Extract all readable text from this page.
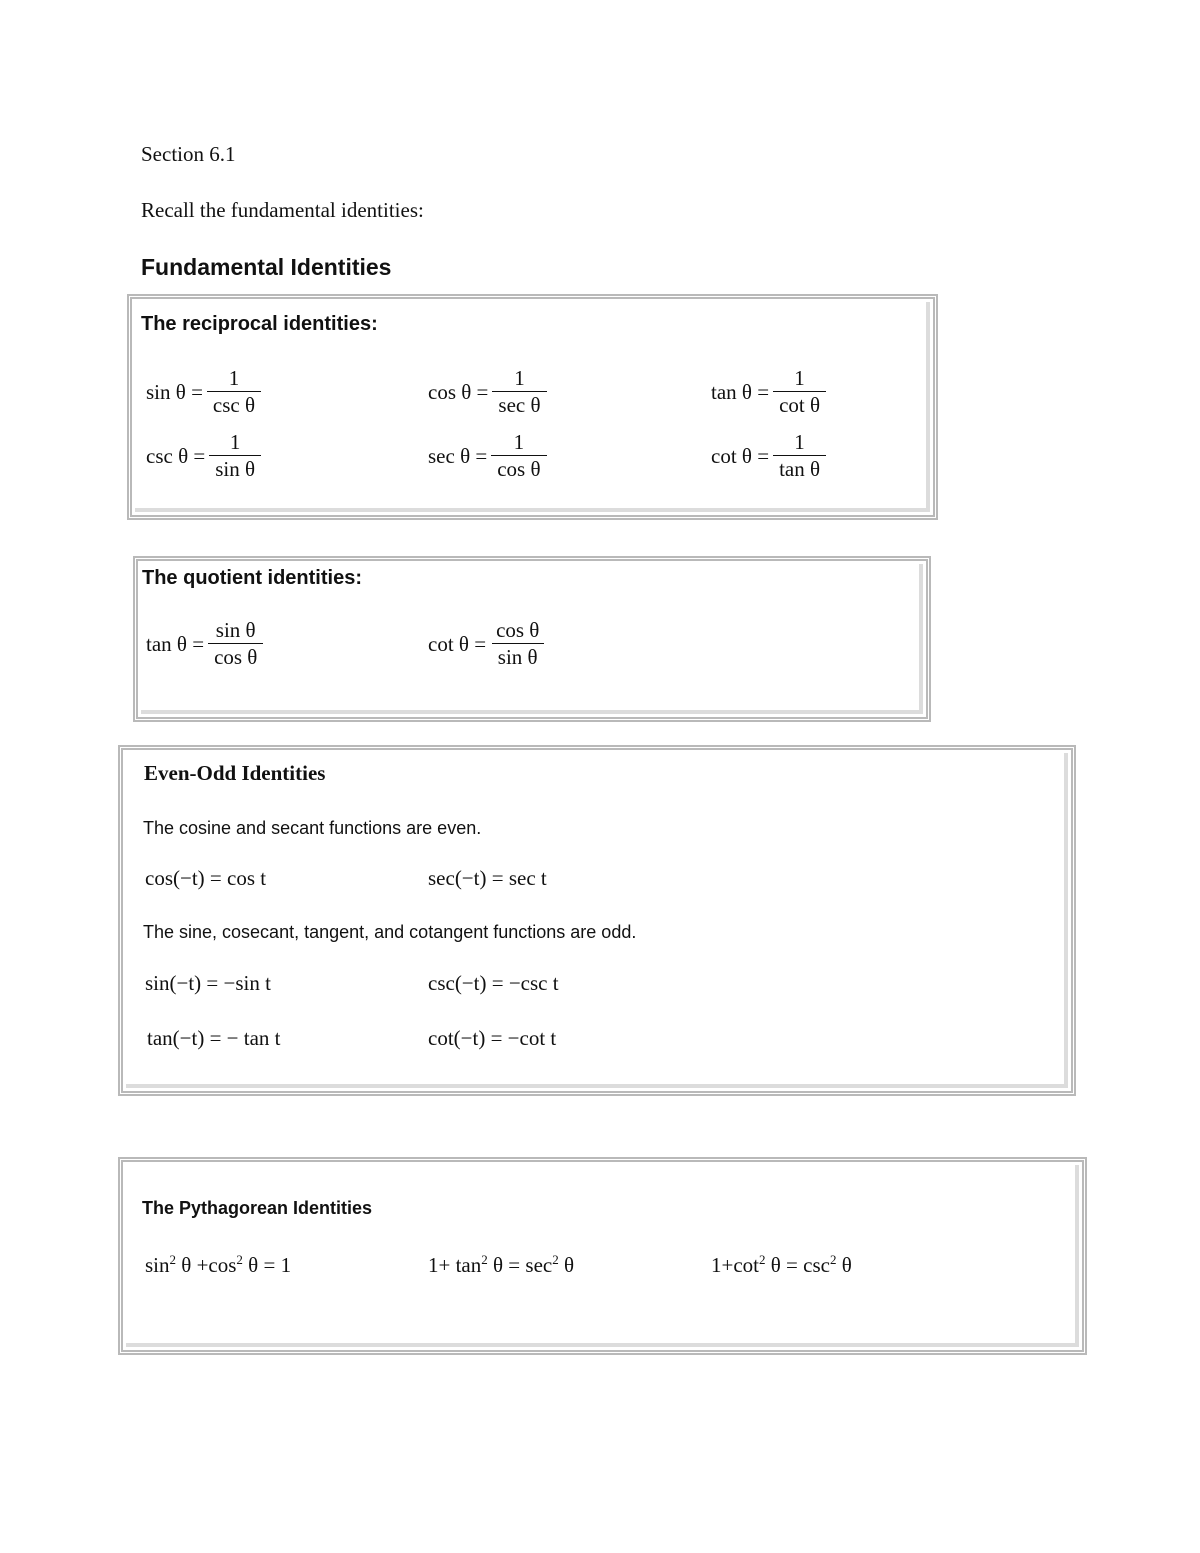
Section 6.1
Recall the fundamental identities:
Fundamental Identities
The reciprocal identities:
$\sin \theta = \frac{1}{\text{csc θ}}$	$\cos \theta = \frac{1}{\text{sec θ}}$	$\tan \theta = \frac{1}{\text{cot θ}}$
$\csc \theta = \frac{1}{\text{sin θ}}$	$\sec \theta = \frac{1}{\text{cos θ}}$	$\cot \theta = \frac{1}{\text{tan θ}}$
The quotient identities:
$\tan \theta = \frac{\text{sin θ}}{\text{cos θ}}$	$\cot \theta = \frac{\text{cos θ}}{\text{sin θ}}$
Even-Odd Identities
The cosine and secant functions are even.
cos(−t) = cos t	sec(−t) = sec t
The sine, cosecant, tangent, and cotangent functions are odd.
sin(−t) = −sin t	csc(−t) = −csc t
tan(−t) = − tan t	cot(−t) = −cot t
The Pythagorean Identities
$\sin^2 \theta +\cos^2$ θ = 1	$1+ \tan^2 \theta = \sec^2 \theta$	$1+\cot^2$ $\theta = \csc^2 \theta$
